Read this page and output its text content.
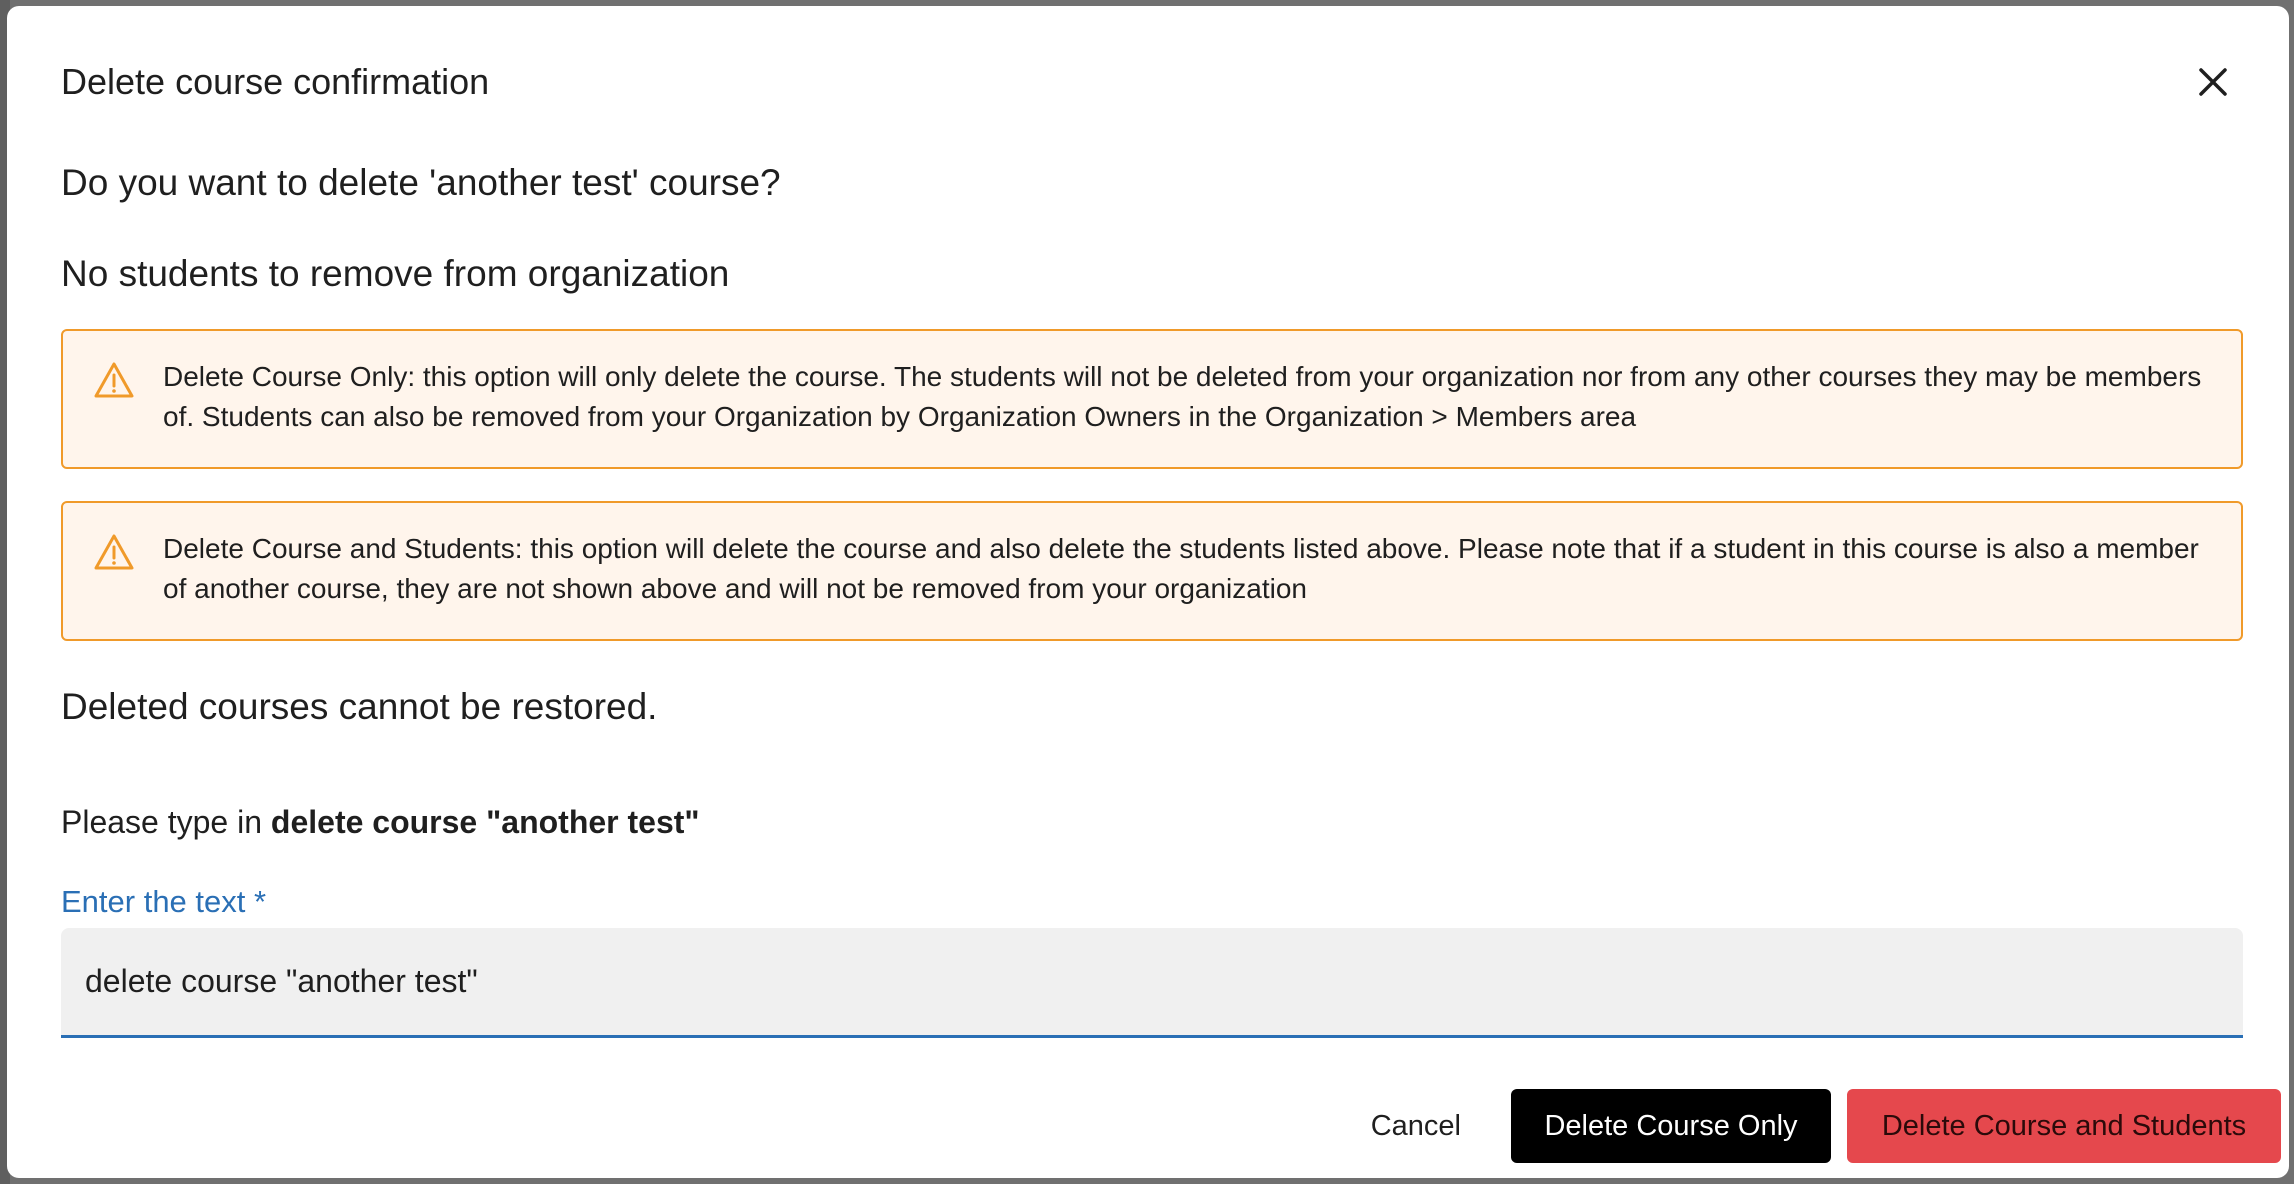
Delete course confirmation
Do you want to delete 'another test' course?
No students to remove from organization
Delete Course Only: this option will only delete the course. The students will not be deleted from your organization nor from any other courses they may be members of. Students can also be removed from your Organization by Organization Owners in the Organization > Members area
Delete Course and Students: this option will delete the course and also delete the students listed above. Please note that if a student in this course is also a member of another course, they are not shown above and will not be removed from your organization
Deleted courses cannot be restored.
Please type in delete course "another test"
Enter the text *
delete course "another test"
Cancel	Delete Course Only	Delete Course and Students
